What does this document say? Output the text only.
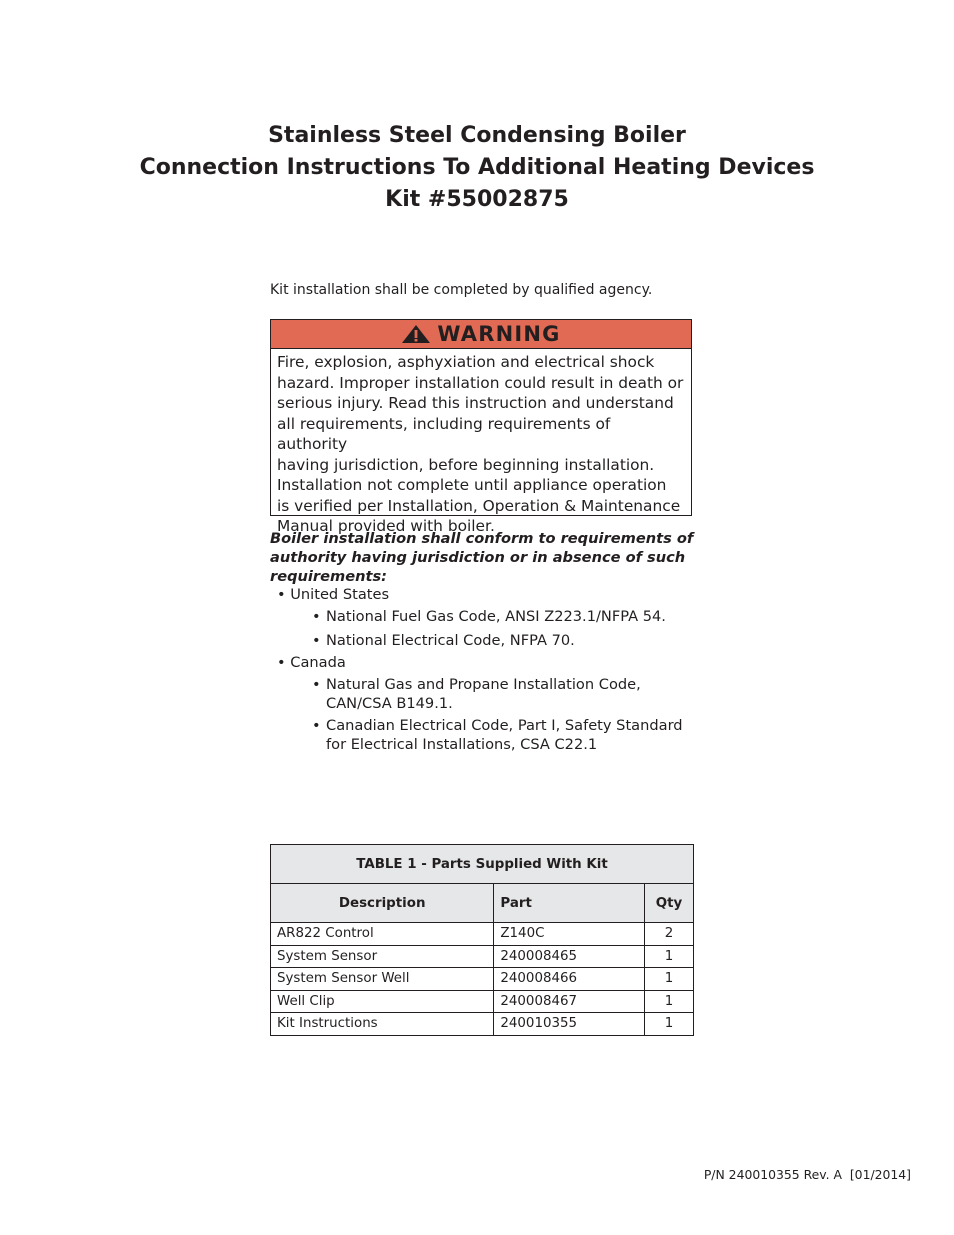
Stainless Steel Condensing Boiler
Connection Instructions To Additional Heating Devices
Kit #55002875
Kit installation shall be completed by qualified agency.
WARNING
Fire, explosion, asphyxiation and electrical shock
hazard. Improper installation could result in death or
serious injury. Read this instruction and understand
all requirements, including requirements of authority
having jurisdiction, before beginning installation.
Installation not complete until appliance operation
is verified per Installation, Operation & Maintenance
Manual provided with boiler.
Boiler installation shall conform to requirements of
authority having jurisdiction or in absence of such
requirements:
• United States
• National Fuel Gas Code, ANSI Z223.1/NFPA 54.
• National Electrical Code, NFPA 70.
• Canada
• Natural Gas and Propane Installation Code,
CAN/CSA B149.1.
• Canadian Electrical Code, Part I, Safety Standard
for Electrical Installations, CSA C22.1
TABLE 1 - Parts Supplied With Kit		
Description	Part	Qty
AR822 Control	Z140C	2
System Sensor	240008465	1
System Sensor Well	240008466	1
Well Clip	240008467	1
Kit Instructions	240010355	1
P/N 240010355 Rev. A  [01/2014]
